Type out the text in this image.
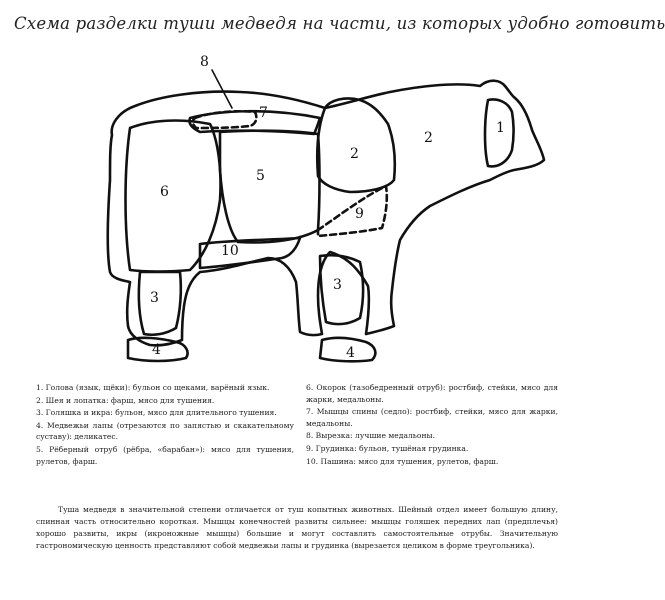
Схема разделки туши медведя на части, из которых удобно готовить
1
2
2
3
3
4	4
5
6
7
8
9
10
1. Голова (язык, щёки): бульон со щеками, варёный язык.
2. Шея и лопатка: фарш, мясо для тушения.
3. Голяшка и икра: бульон, мясо для длительного тушения.
4. Медвежьи лапы (отрезаются по запястью и скакательному суставу): деликатес.
5. Рёберный отруб (рёбра, «барабан»): мясо для тушения, рулетов, фарш.
6. Окорок (тазобедренный отруб): ростбиф, стейки, мясо для жарки, медальоны.
7. Мышцы спины (седло): ростбиф, стейки, мясо для жарки, медальоны.
8. Вырезка: лучшие медальоны.
9. Грудинка: бульон, тушёная грудинка.
10. Пашина: мясо для тушения, рулетов, фарш.
Туша медведя в значительной степени отличается от туш копытных животных. Шейный отдел имеет большую длину, спинная часть относительно короткая. Мышцы конечностей развиты сильнее: мышцы голяшек передних лап (предплечья) хорошо развиты, икры (икроножные мышцы) большие и могут составлять самостоятельные отрубы. Значительную гастрономическую ценность представляют собой медвежьи лапы и грудинка (вырезается целиком в форме треугольника).
